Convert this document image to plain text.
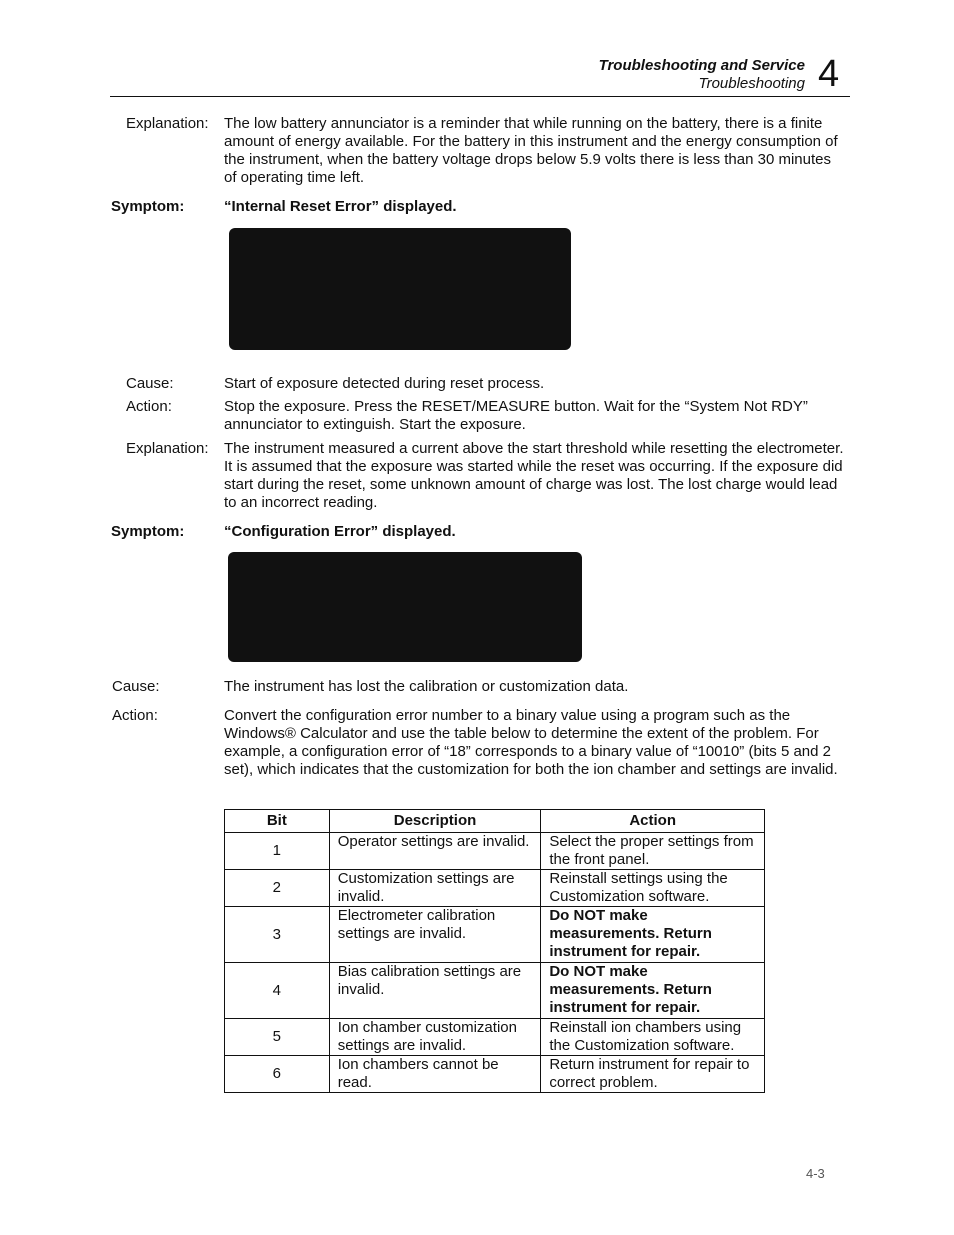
Troubleshooting and Service
Troubleshooting 4
Explanation: The low battery annunciator is a reminder that while running on the battery, there is a finite amount of energy available. For the battery in this instrument and the energy consumption of the instrument, when the battery voltage drops below 5.9 volts there is less than 30 minutes of operating time left.
Symptom:	“Internal Reset Error” displayed.
Cause:	Start of exposure detected during reset process.
Action:	Stop the exposure. Press the RESET/MEASURE button. Wait for the “System Not RDY” annunciator to extinguish. Start the exposure.
Explanation: The instrument measured a current above the start threshold while resetting the electrometer. It is assumed that the exposure was started while the reset was occurring. If the exposure did start during the reset, some unknown amount of charge was lost. The lost charge would lead to an incorrect reading.
Symptom:	“Configuration Error” displayed.
Cause:	The instrument has lost the calibration or customization data.
Action:	Convert the configuration error number to a binary value using a program such as the Windows® Calculator and use the table below to determine the extent of the problem. For example, a configuration error of “18” corresponds to a binary value of “10010” (bits 5 and 2 set), which indicates that the customization for both the ion chamber and settings are invalid.
Bit	Description	Action
1	Operator settings are invalid.	Select the proper settings from the front panel.
2	Customization settings are invalid.	Reinstall settings using the Customization software.
3	Electrometer calibration settings are invalid.	Do NOT make measurements. Return instrument for repair.
4	Bias calibration settings are invalid.	Do NOT make measurements. Return instrument for repair.
5	Ion chamber customization settings are invalid.	Reinstall ion chambers using the Customization software.
6	Ion chambers cannot be read.	Return instrument for repair to correct problem.
4-3
